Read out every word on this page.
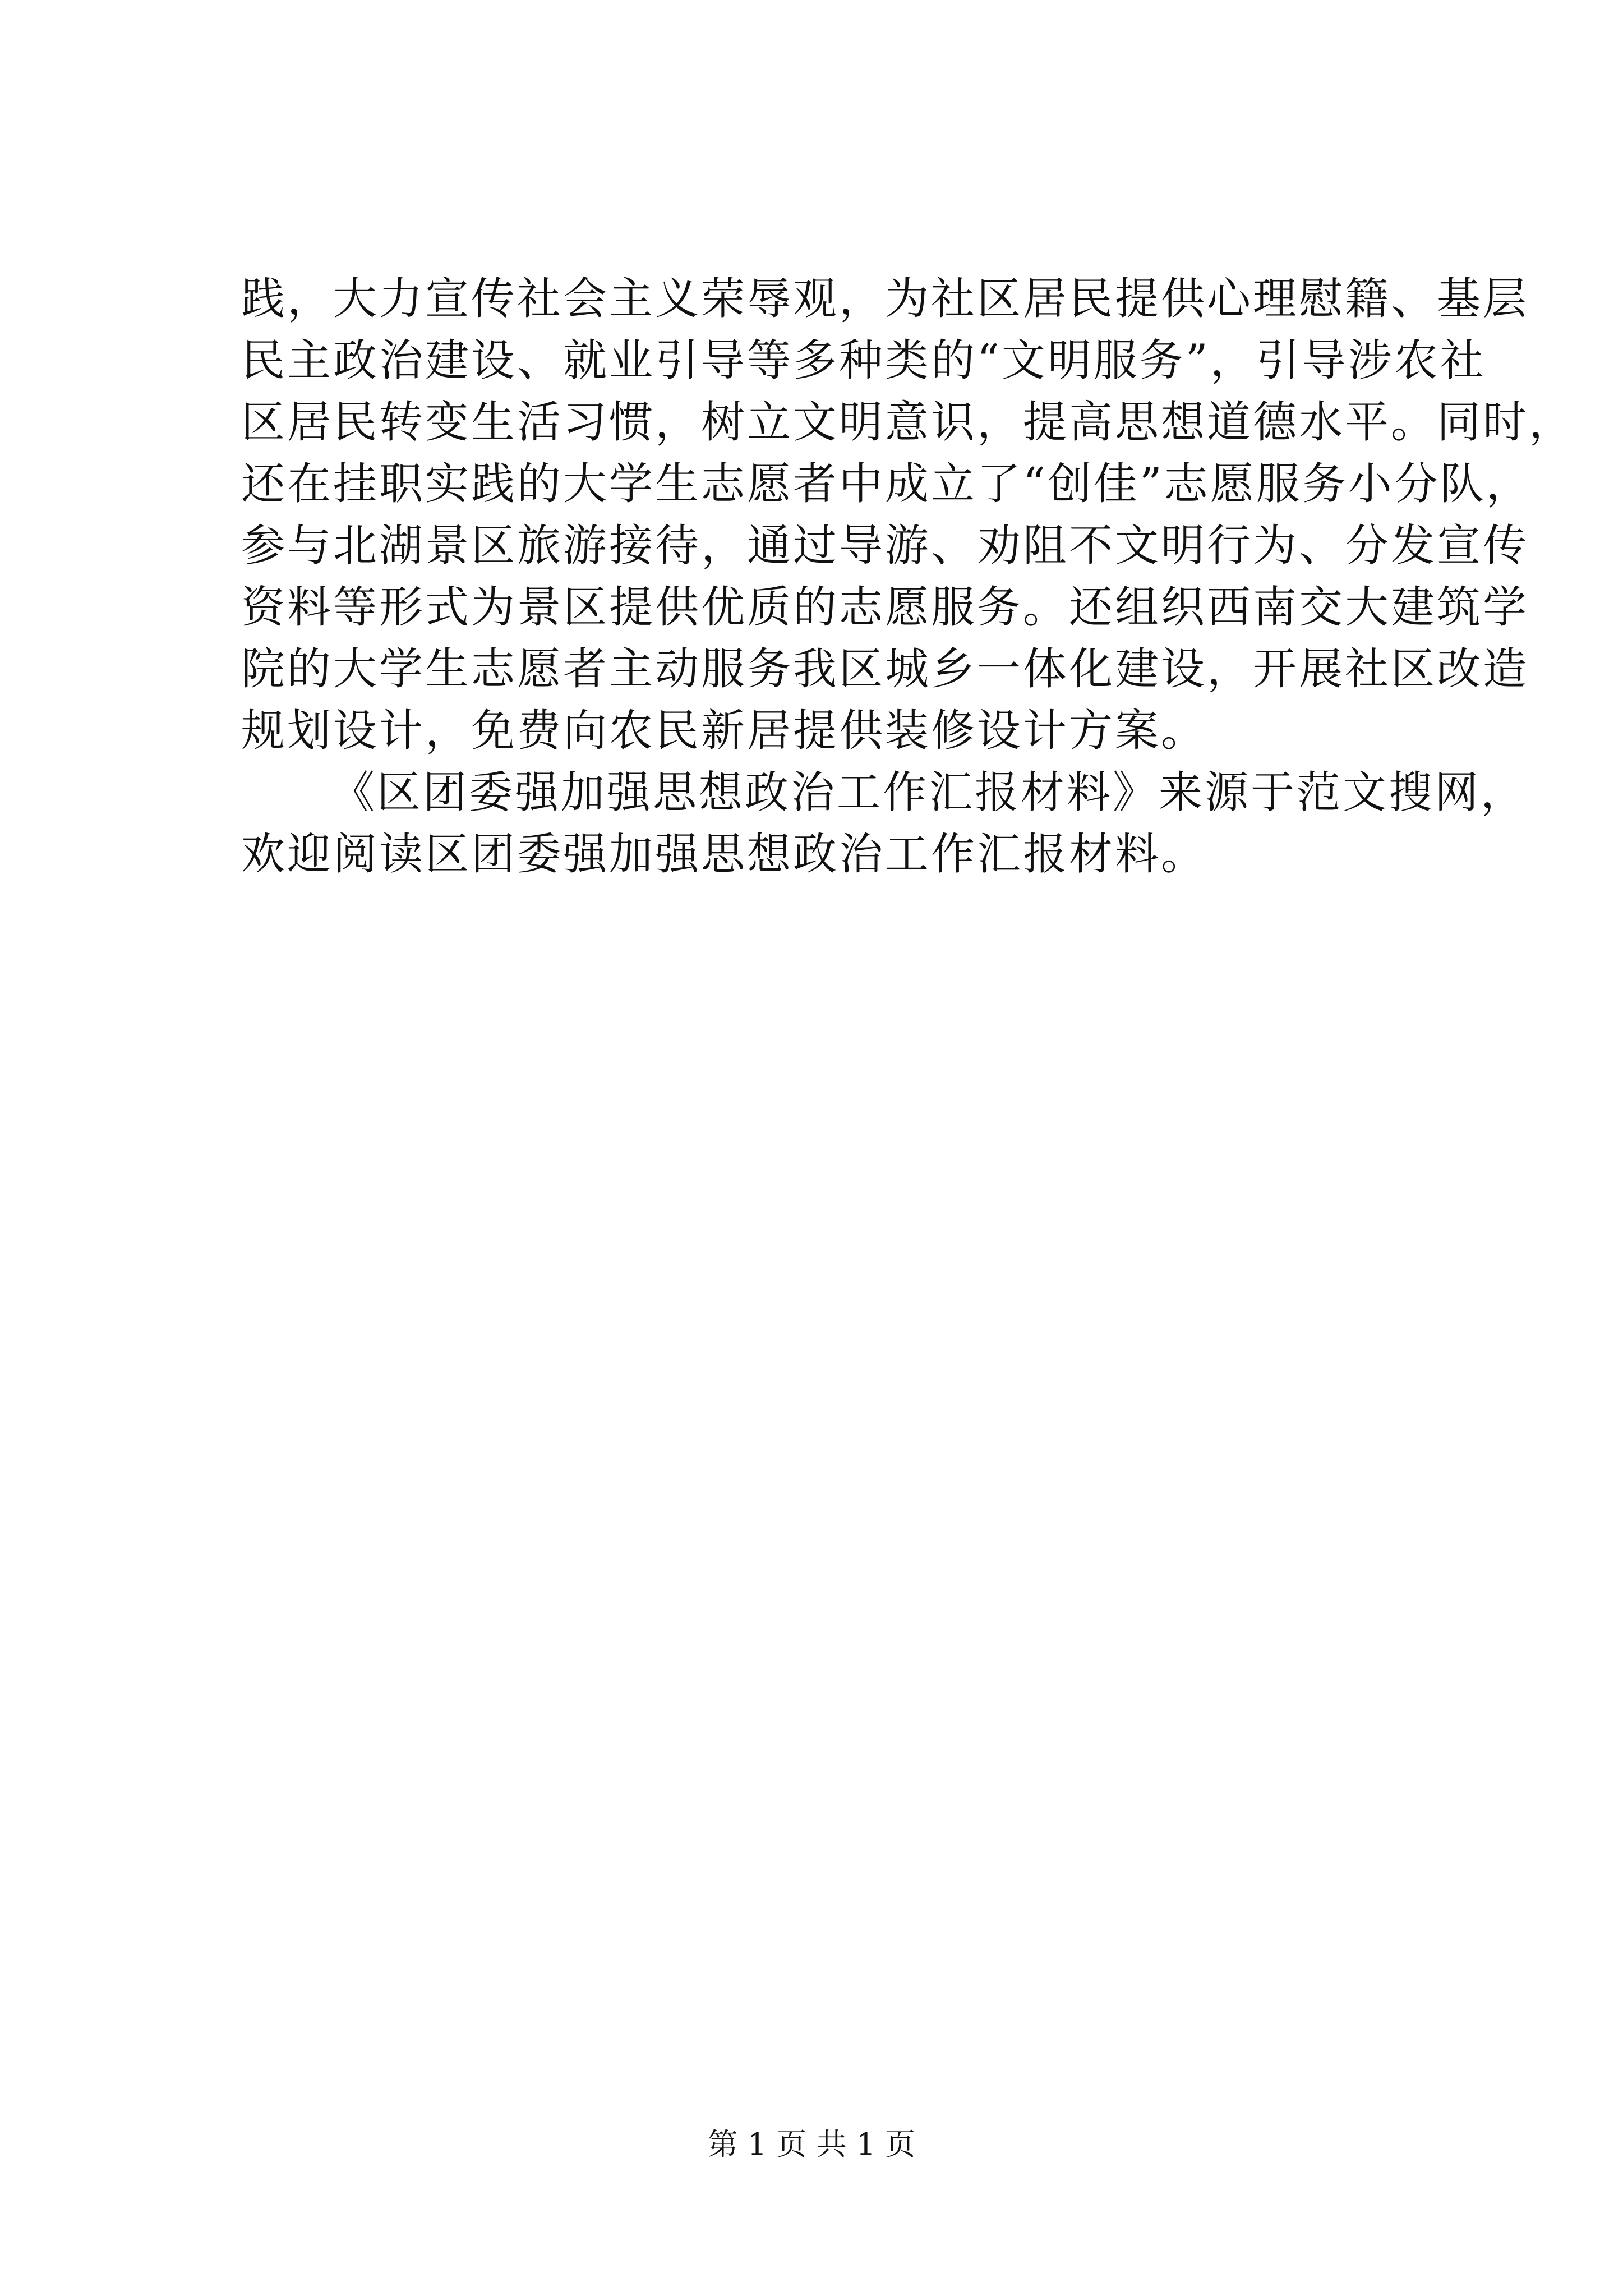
践，大力宣传社会主义荣辱观，为社区居民提供心理慰籍、基层
民主政治建设、就业引导等多种类的“文明服务”，引导涉农社
区居民转变生活习惯，树立文明意识，提高思想道德水平。同时，
还在挂职实践的大学生志愿者中成立了“创佳”志愿服务小分队，
参与北湖景区旅游接待，通过导游、劝阻不文明行为、分发宣传
资料等形式为景区提供优质的志愿服务。还组织西南交大建筑学
院的大学生志愿者主动服务我区城乡一体化建设，开展社区改造
规划设计，免费向农民新居提供装修设计方案。
《区团委强加强思想政治工作汇报材料》来源于范文搜网，
欢迎阅读区团委强加强思想政治工作汇报材料。
第 1 页 共 1 页
